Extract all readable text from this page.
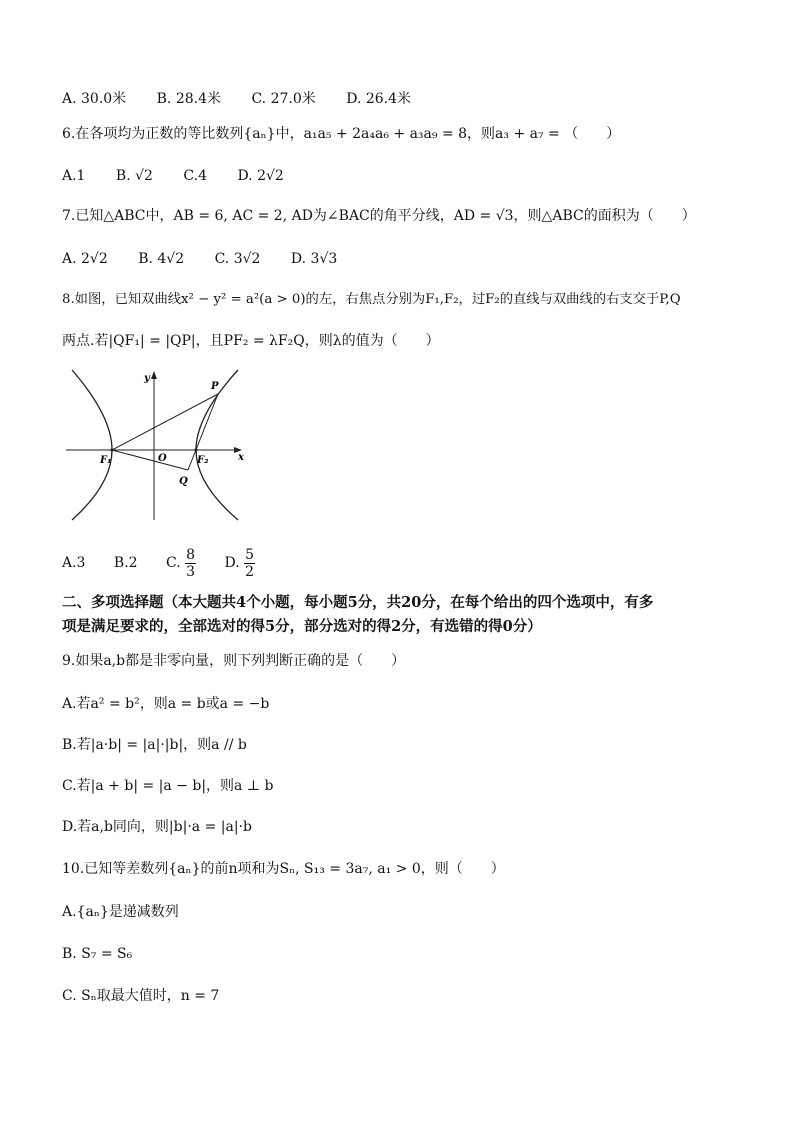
A. 30.0米 B. 28.4米 C. 27.0米 D. 26.4米
6.在各项均为正数的等比数列{aₙ}中，a₁a₅ + 2a₄a₆ + a₃a₉ = 8，则a₃ + a₇ = （　　）
A.1 B. √2 C.4 D. 2√2
7.已知△ABC中，AB = 6, AC = 2, AD为∠BAC的角平分线，AD = √3，则△ABC的面积为（　　）
A. 2√2 B. 4√2 C. 3√2 D. 3√3
8.如图，已知双曲线x² − y² = a²(a > 0)的左，右焦点分别为F₁,F₂，过F₂的直线与双曲线的右支交于P,Q
两点.若|QF₁| = |QP|，且PF₂ = λF₂Q，则λ的值为（　　）
y
x
P
Q
O
F₁	F₂
A.3 B.2 C. $\frac{8}{3} D$. $\frac{5}{2}$
二、多项选择题（本大题共4个小题，每小题5分，共20分，在每个给出的四个选项中，有多
项是满足要求的，全部选对的得5分，部分选对的得2分，有选错的得0分）
9.如果a,b都是非零向量，则下列判断正确的是（　　）
A.若a² = b²，则a = b或a = −b
B.若|a·b| = |a|·|b|，则a // b
C.若|a + b| = |a − b|，则a ⊥ b
D.若a,b同向，则|b|·a = |a|·b
10.已知等差数列{aₙ}的前n项和为Sₙ, S₁₃ = 3a₇, a₁ > 0，则（　　）
A.{aₙ}是递减数列
B. S₇ = S₆
C. Sₙ取最大值时，n = 7
